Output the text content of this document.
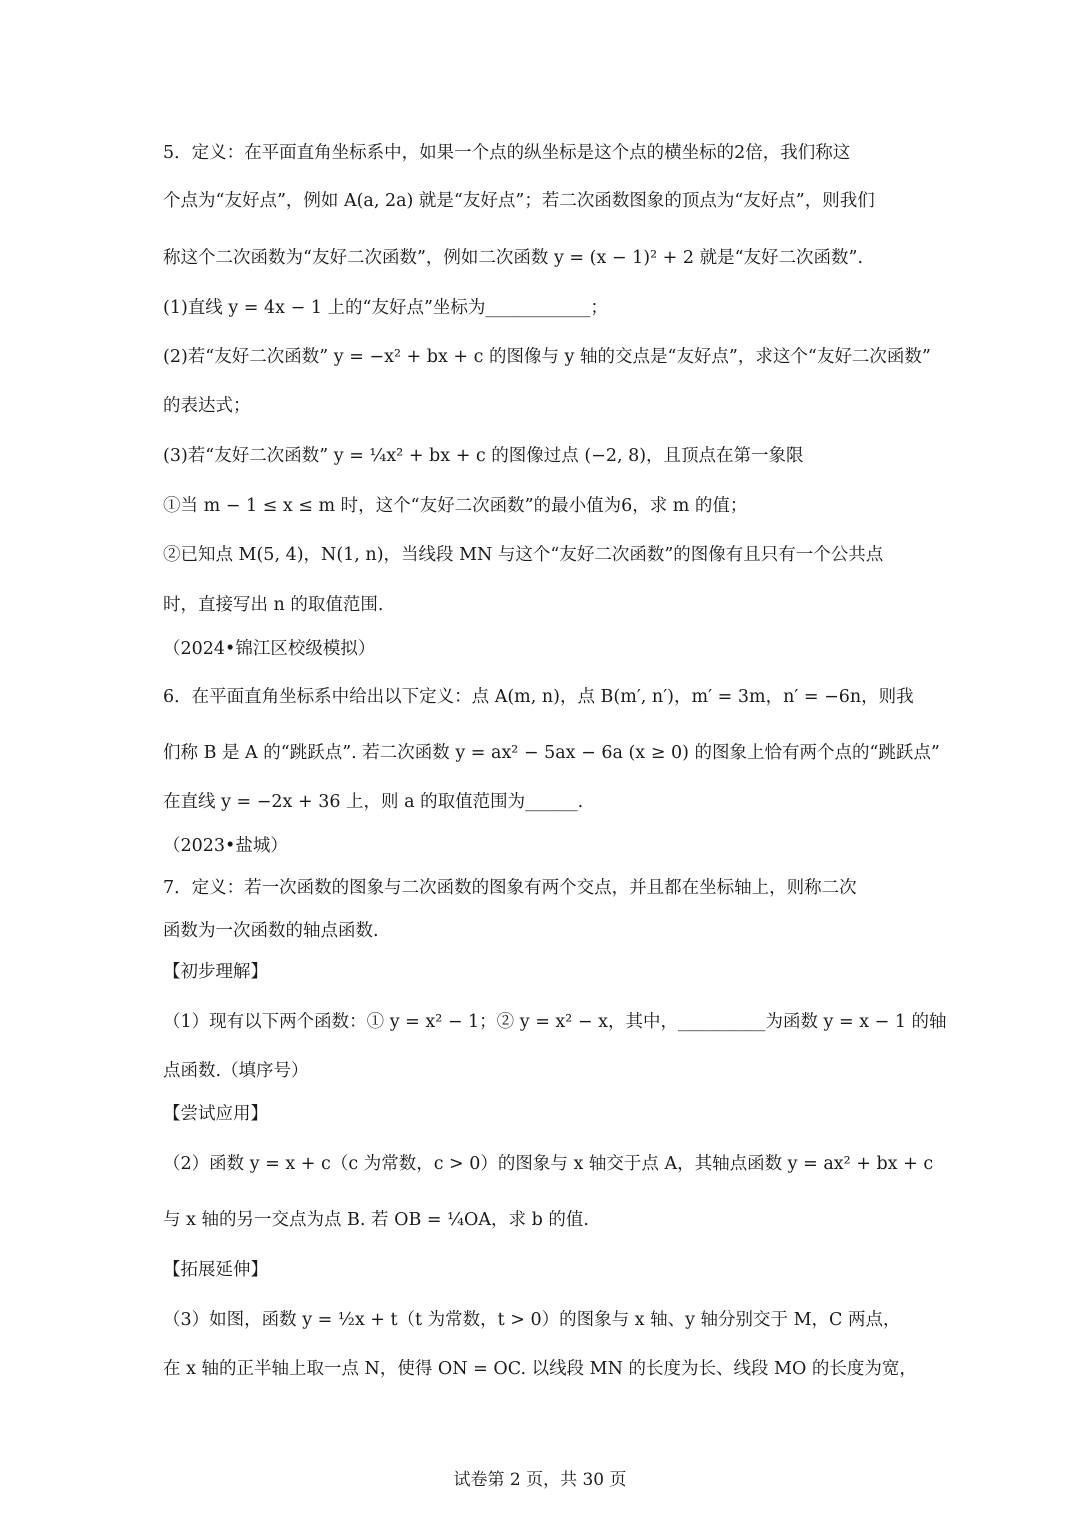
5．定义：在平面直角坐标系中，如果一个点的纵坐标是这个点的横坐标的2倍，我们称这
个点为“友好点”，例如 A(a, 2a) 就是“友好点”；若二次函数图象的顶点为“友好点”，则我们
称这个二次函数为“友好二次函数”，例如二次函数 y = (x − 1)² + 2 就是“友好二次函数”.
(1)直线 y = 4x − 1 上的“友好点”坐标为____________；
(2)若“友好二次函数” y = −x² + bx + c 的图像与 y 轴的交点是“友好点”，求这个“友好二次函数”
的表达式；
(3)若“友好二次函数” y = ¼x² + bx + c 的图像过点 (−2, 8)，且顶点在第一象限
①当 m − 1 ≤ x ≤ m 时，这个“友好二次函数”的最小值为6，求 m 的值；
②已知点 M(5, 4)，N(1, n)，当线段 MN 与这个“友好二次函数”的图像有且只有一个公共点
时，直接写出 n 的取值范围.
（2024•锦江区校级模拟）
6．在平面直角坐标系中给出以下定义：点 A(m, n)，点 B(m′, n′)，m′ = 3m，n′ = −6n，则我
们称 B 是 A 的“跳跃点”. 若二次函数 y = ax² − 5ax − 6a (x ≥ 0) 的图象上恰有两个点的“跳跃点”
在直线 y = −2x + 36 上，则 a 的取值范围为______.
（2023•盐城）
7．定义：若一次函数的图象与二次函数的图象有两个交点，并且都在坐标轴上，则称二次
函数为一次函数的轴点函数.
【初步理解】
（1）现有以下两个函数：① y = x² − 1；② y = x² − x，其中，__________为函数 y = x − 1 的轴
点函数.（填序号）
【尝试应用】
（2）函数 y = x + c（c 为常数，c > 0）的图象与 x 轴交于点 A，其轴点函数 y = ax² + bx + c
与 x 轴的另一交点为点 B. 若 OB = ¼OA，求 b 的值.
【拓展延伸】
（3）如图，函数 y = ½x + t（t 为常数，t > 0）的图象与 x 轴、y 轴分别交于 M，C 两点，
在 x 轴的正半轴上取一点 N，使得 ON = OC. 以线段 MN 的长度为长、线段 MO 的长度为宽，
试卷第 2 页，共 30 页
